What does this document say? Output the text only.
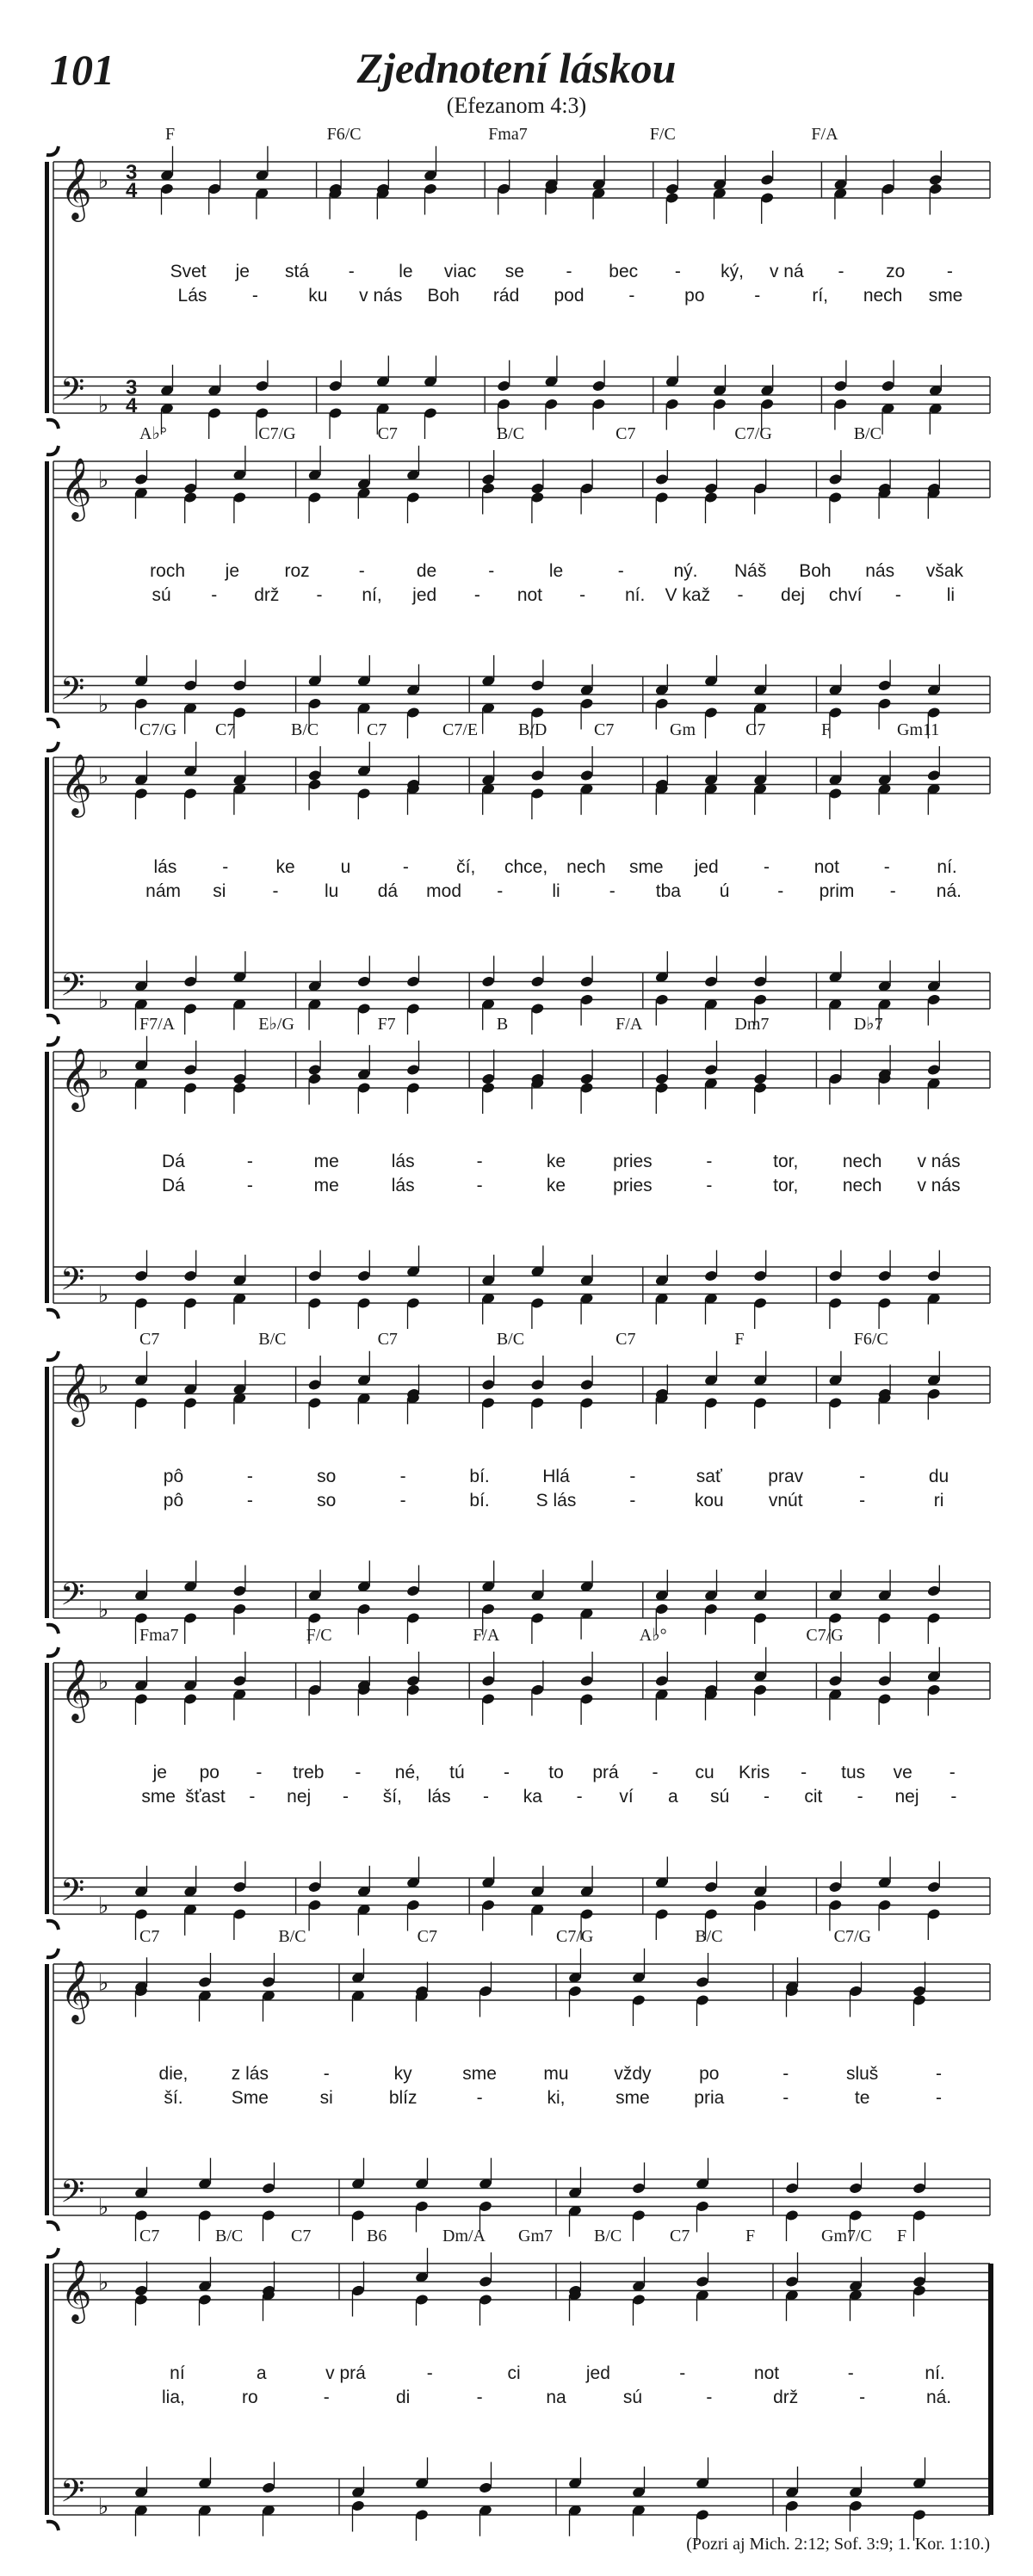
101	Zjednotení láskou
(Efezanom 4:3)
𝄞
𝄢
♭
♭
3
4
3
4
F	F6/C	Fma7	F/C	F/A
Svet je stá - le viac se - bec - ký, v ná - zo -
Lás -	ku v nás Boh rád pod -	po	-	rí, nech sme
𝄞
𝄢
♭
♭
A♭°	C7/G	C7	B/C	C7	C7/G	B/C
roch je roz	-	de	-	le	-	ný. Náš Boh nás však
sú - drž - ní, jed - not - ní. V kaž - dej chví -	li
𝄞
𝄢
♭
♭
C7/G C7	B/C	C7	C7/E B/D	C7	Gm	C7	F	Gm11
lás	-	ke	u	-	čí, chce, nech sme jed - not -	ní.
nám si	-	lu dá mod -	li	- tba ú	- prim - ná.
𝄞
𝄢
♭
♭
F7/A	E♭/G	F7	B	F/A	Dm7	D♭7
Dá	-	me	lás	-	ke	pries	-	tor, nech v nás
Dá	-	me	lás	-	ke	pries	-	tor, nech v nás
𝄞
𝄢
♭
♭
C7	B/C	C7	B/C	C7	F	F6/C
pô	-	so	-	bí.	Hlá	-	sať	prav	-	du
pô	-	so	-	bí.	S lás	-	kou vnút	-	ri
𝄞
𝄢
♭
♭
Fma7	F/C	F/A	A♭°	C7/G
je po - treb - né, tú - to prá - cu Kris - tus ve -
sme šťast - nej - ší, lás - ka - ví a sú - cit - nej -
𝄞
𝄢
♭
♭
C7	B/C	C7	C7/G	B/C	C7/G
die, z lás	-	ky	sme	mu	vždy	po	-	sluš	-
ší.	Sme	si	blíz	-	ki,	sme pria	-	te	-
𝄞
𝄢
♭
♭
C7	B/C	C7	B6	Dm/A Gm7 B/C	C7	F	Gm7/C F
ní	a	v prá	-	ci	jed	-	not	-	ní.
lia,	ro	-	di	-	na	sú	-	drž	-	ná.
(Pozri aj Mich. 2:12; Sof. 3:9; 1. Kor. 1:10.)
